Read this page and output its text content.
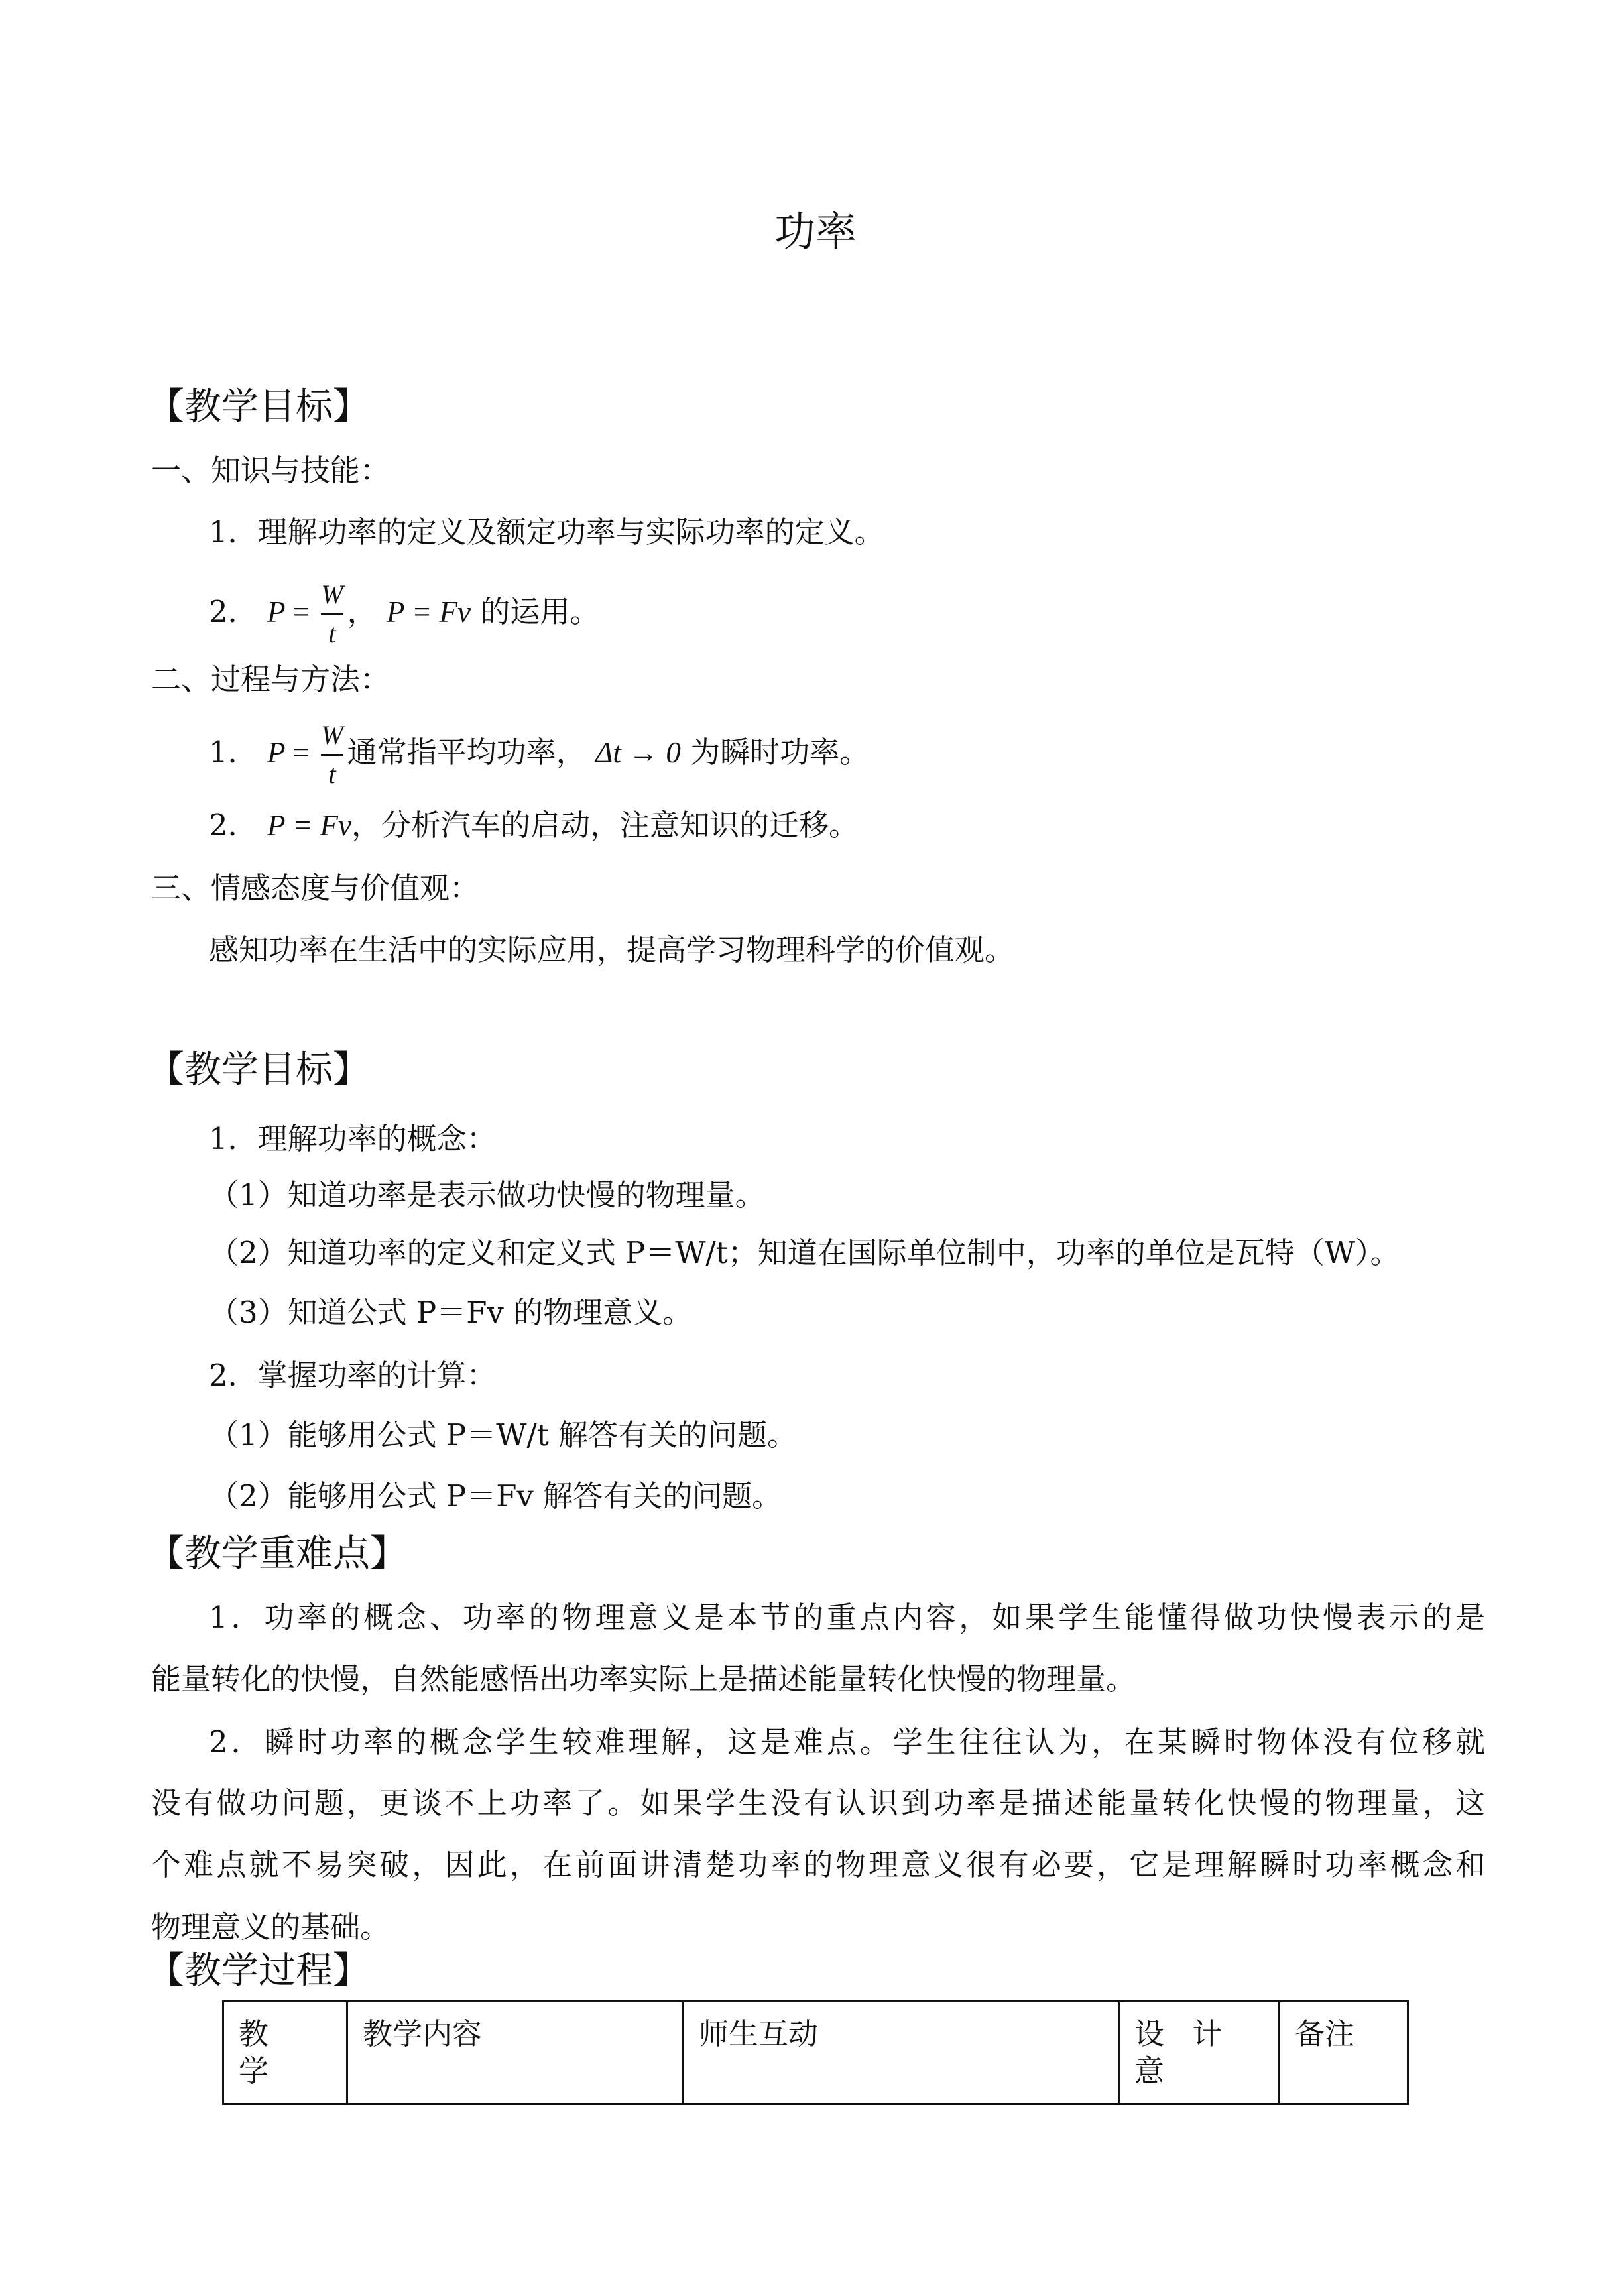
功率
【教学目标】
一、知识与技能：
1．理解功率的定义及额定功率与实际功率的定义。
2． $P = \frac{W}{t}$ ， P = Fv 的运用。
二、过程与方法：
1． $P = \frac{W}{t}$ 通常指平均功率， Δt → 0 为瞬时功率。
2． P = Fv，分析汽车的启动，注意知识的迁移。
三、情感态度与价值观：
感知功率在生活中的实际应用，提高学习物理科学的价值观。
【教学目标】
1．理解功率的概念：
（1）知道功率是表示做功快慢的物理量。
（2）知道功率的定义和定义式 P＝W/t；知道在国际单位制中，功率的单位是瓦特（W）。
（3）知道公式 P＝Fv 的物理意义。
2．掌握功率的计算：
（1）能够用公式 P＝W/t 解答有关的问题。
（2）能够用公式 P＝Fv 解答有关的问题。
【教学重难点】
1．功率的概念、功率的物理意义是本节的重点内容，如果学生能懂得做功快慢表示的是
能量转化的快慢，自然能感悟出功率实际上是描述能量转化快慢的物理量。
2．瞬时功率的概念学生较难理解，这是难点。学生往往认为，在某瞬时物体没有位移就
没有做功问题，更谈不上功率了。如果学生没有认识到功率是描述能量转化快慢的物理量，这
个难点就不易突破，因此，在前面讲清楚功率的物理意义很有必要，它是理解瞬时功率概念和
物理意义的基础。
【教学过程】
教 学	教学内容	师生互动	设 计 意	备注
